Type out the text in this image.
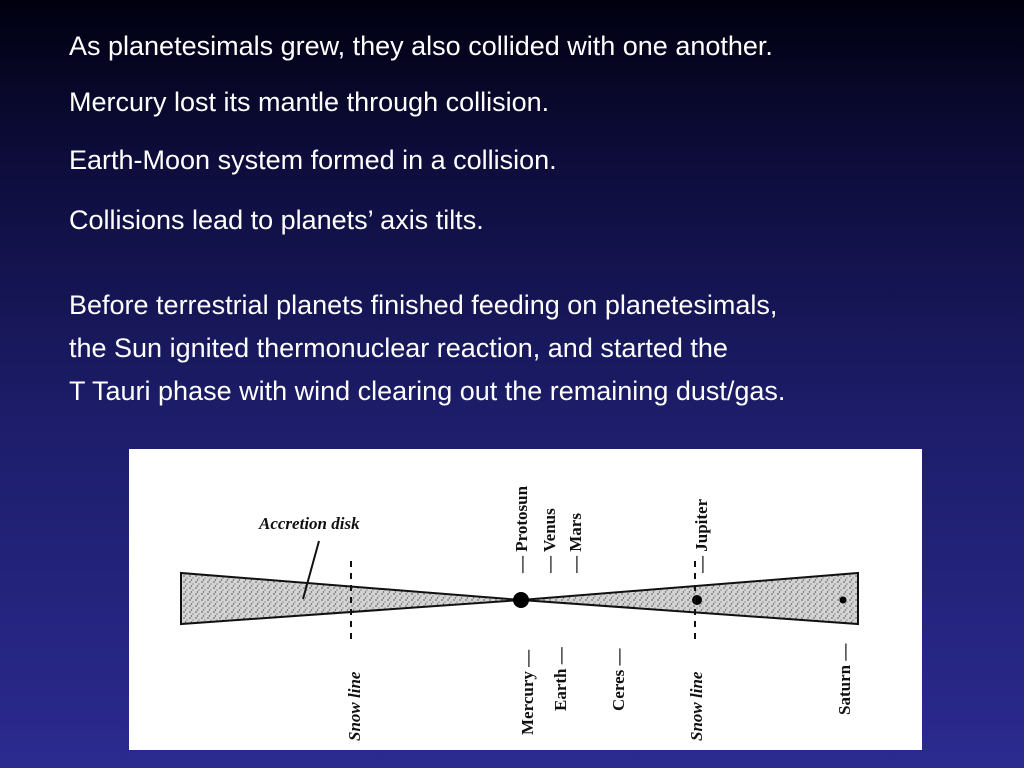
As planetesimals grew, they also collided with one another.
Mercury lost its mantle through collision.
Earth-Moon system formed in a collision.
Collisions lead to planets’ axis tilts.
Before terrestrial planets finished feeding on planetesimals,
the Sun ignited thermonuclear reaction, and started the
T Tauri phase with wind clearing out the remaining dust/gas.
Accretion disk	— Protosun — Venus — Mars	— Jupiter
Snow line	Mercury — Earth — Ceres —	Snow line	Saturn —
